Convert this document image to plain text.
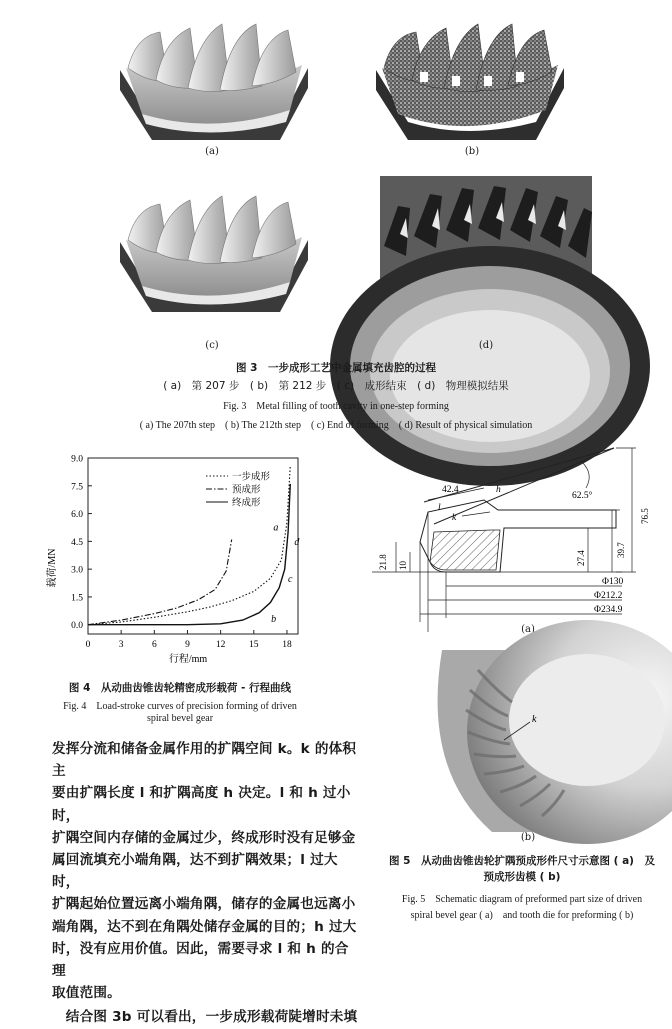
(a)	(b)
(c)	(d)
图 3　一步成形工艺中金属填充齿腔的过程
( a)　第 207 步　( b)　第 212 步　( c)　成形结束　( d)　物理模拟结果
Fig. 3　Metal filling of tooth cavity in one-step forming
( a) The 207th step　( b) The 212th step　( c) End of forming　( d) Result of physical simulation
载荷/MN
行程/mm
0	3	6	9	12 15 18
0.0
1.5
3.0
4.5
6.0
7.5
9.0
一步成形
预成形
终成形
a
b
c
d
图 4　从动曲齿锥齿轮精密成形载荷 - 行程曲线
Fig. 4　Load-stroke curves of precision forming of driven
spiral bevel gear
42.4	h
62.5°
k
l
21.8 10	27.4
39.7
76.5
Φ130
Φ212.2
Φ234.9
(a)
k
(b)
图 5　从动曲齿锥齿轮扩隅预成形件尺寸示意图 ( a)　及
预成形齿模 ( b)
Fig. 5　Schematic diagram of preformed part size of driven
spiral bevel gear ( a)　and tooth die for preforming ( b)
发挥分流和储备金属作用的扩隅空间 k。k 的体积主
要由扩隅长度 l 和扩隅高度 h 决定。l 和 h 过小时，
扩隅空间内存储的金属过少，终成形时没有足够金
属回流填充小端角隅，达不到扩隅效果；l 过大时，
扩隅起始位置远离小端角隅，储存的金属也远离小
端角隅，达不到在角隅处储存金属的目的；h 过大
时，没有应用价值。因此，需要寻求 l 和 h 的合理
取值范围。
　结合图 3b 可以看出，一步成形载荷陡增时未填
